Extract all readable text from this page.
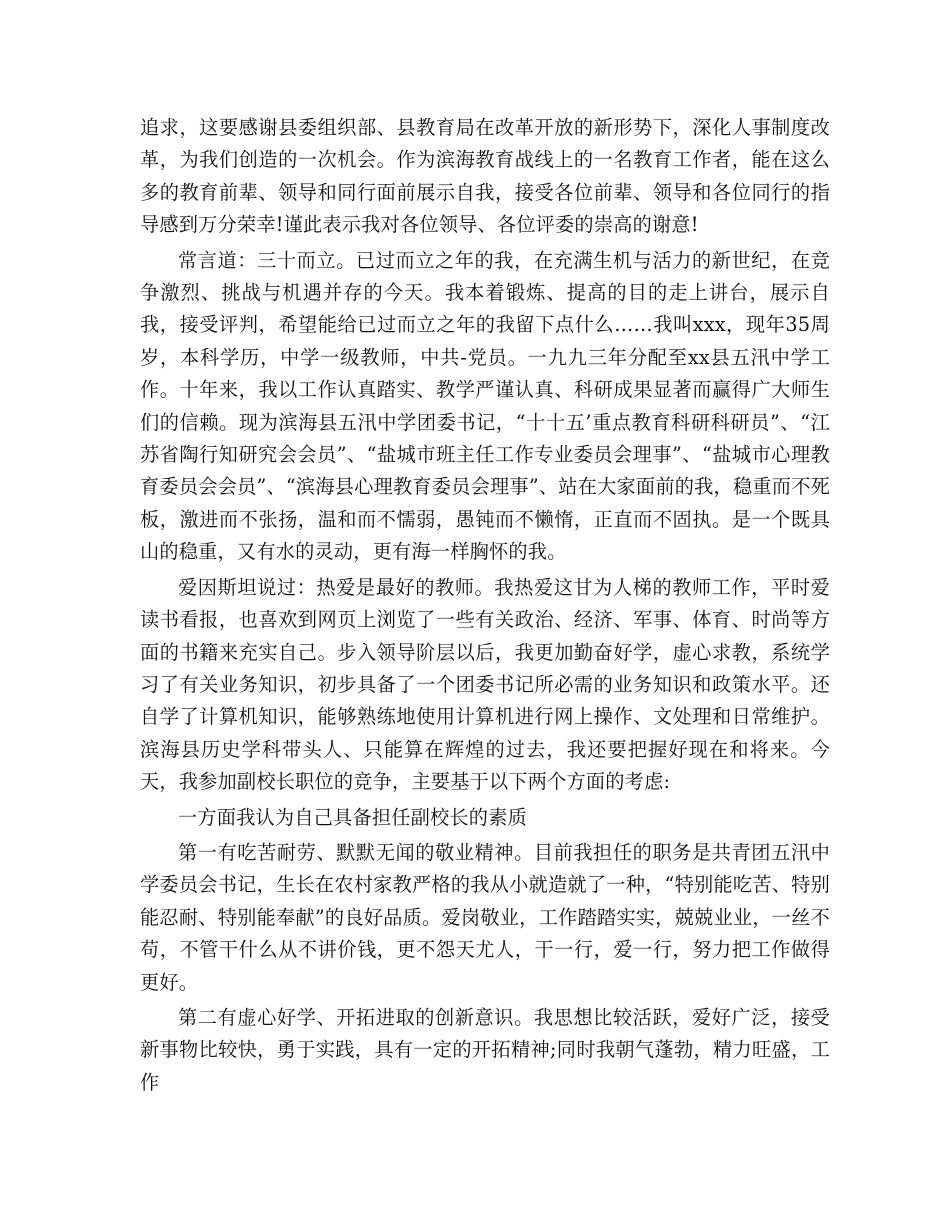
追求，这要感谢县委组织部、县教育局在改革开放的新形势下，深化人事制度改革，为我们创造的一次机会。作为滨海教育战线上的一名教育工作者，能在这么多的教育前辈、领导和同行面前展示自我，接受各位前辈、领导和各位同行的指导感到万分荣幸!谨此表示我对各位领导、各位评委的崇高的谢意!

常言道：三十而立。已过而立之年的我，在充满生机与活力的新世纪，在竞争激烈、挑战与机遇并存的今天。我本着锻炼、提高的目的走上讲台，展示自我，接受评判，希望能给已过而立之年的我留下点什么……我叫xxx，现年35周岁，本科学历，中学一级教师，中共-党员。一九九三年分配至xx县五汛中学工作。十年来，我以工作认真踏实、教学严谨认真、科研成果显著而赢得广大师生们的信赖。现为滨海县五汛中学团委书记，“十十五’重点教育科研科研员”、“江苏省陶行知研究会会员”、“盐城市班主任工作专业委员会理事”、“盐城市心理教育委员会会员”、“滨海县心理教育委员会理事”、站在大家面前的我，稳重而不死板，激进而不张扬，温和而不懦弱，愚钝而不懒惰，正直而不固执。是一个既具山的稳重，又有水的灵动，更有海一样胸怀的我。

爱因斯坦说过：热爱是最好的教师。我热爱这甘为人梯的教师工作，平时爱读书看报，也喜欢到网页上浏览了一些有关政治、经济、军事、体育、时尚等方面的书籍来充实自己。步入领导阶层以后，我更加勤奋好学，虚心求教，系统学习了有关业务知识，初步具备了一个团委书记所必需的业务知识和政策水平。还自学了计算机知识，能够熟练地使用计算机进行网上操作、文处理和日常维护。滨海县历史学科带头人、只能算在辉煌的过去，我还要把握好现在和将来。今天，我参加副校长职位的竞争，主要基于以下两个方面的考虑:

一方面我认为自己具备担任副校长的素质

第一有吃苦耐劳、默默无闻的敬业精神。目前我担任的职务是共青团五汛中学委员会书记，生长在农村家教严格的我从小就造就了一种，“特别能吃苦、特别能忍耐、特别能奉献”的良好品质。爱岗敬业，工作踏踏实实，兢兢业业，一丝不苟，不管干什么从不讲价钱，更不怨天尤人，干一行，爱一行，努力把工作做得更好。

第二有虚心好学、开拓进取的创新意识。我思想比较活跃，爱好广泛，接受新事物比较快，勇于实践，具有一定的开拓精神;同时我朝气蓬勃，精力旺盛，工作
